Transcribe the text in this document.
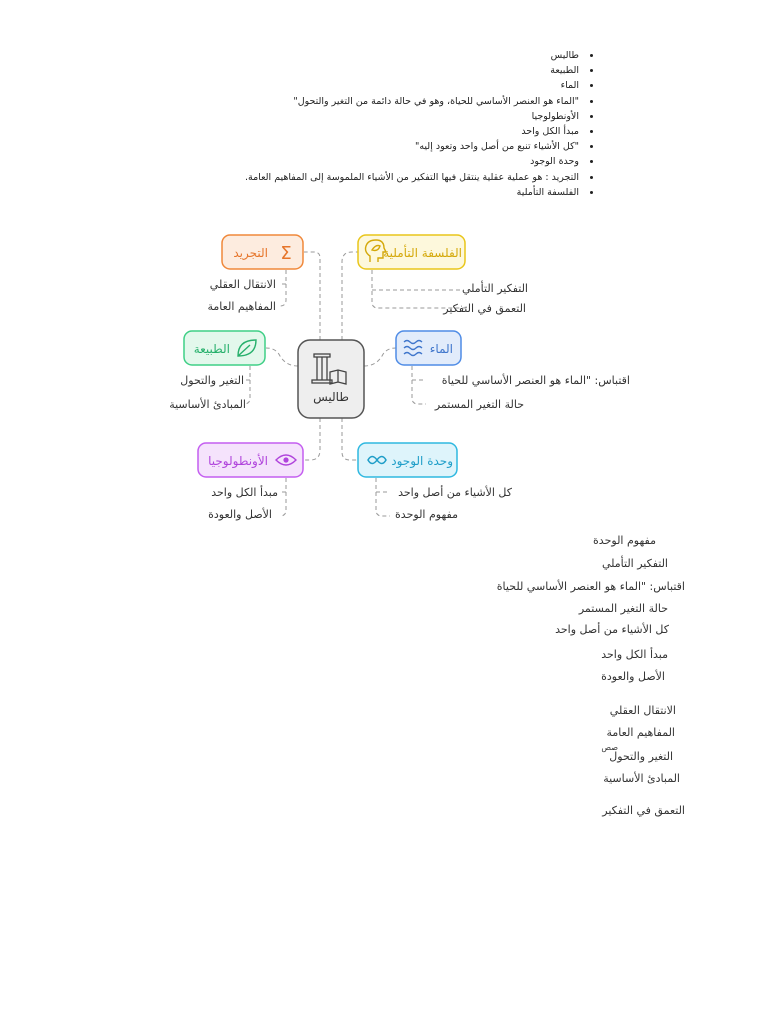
• طاليس
• الطبيعة
• الماء
• "الماء هو العنصر الأساسي للحياة، وهو في حالة دائمة من التغير والتحول"
• الأونطولوجيا
• مبدأ الكل واحد
• "كل الأشياء تنبع من أصل واحد وتعود إليه"
• وحدة الوجود
• التجريد : هو عملية عقلية ينتقل فيها التفكير من الأشياء الملموسة إلى المفاهيم العامة.
• الفلسفة التأملية
طاليس
التجريد Σ
الانتقال العقلي
المفاهيم العامة
الفلسفة التأملية
التفكير التأملي
التعمق في التفكير
الطبيعة
التغير والتحول
المبادئ الأساسية
الماء
اقتباس: "الماء هو العنصر الأساسي للحياة
حالة التغير المستمر
الأونطولوجيا
مبدأ الكل واحد
الأصل والعودة
وحدة الوجود
كل الأشياء من أصل واحد
مفهوم الوحدة
مفهوم الوحدة
التفكير التأملي
اقتباس: "الماء هو العنصر الأساسي للحياة
حالة التغير المستمر
كل الأشياء من أصل واحد
مبدأ الكل واحد
الأصل والعودة
الانتقال العقلي
المفاهيم العامة
صص
التغير والتحول
المبادئ الأساسية
التعمق في التفكير
